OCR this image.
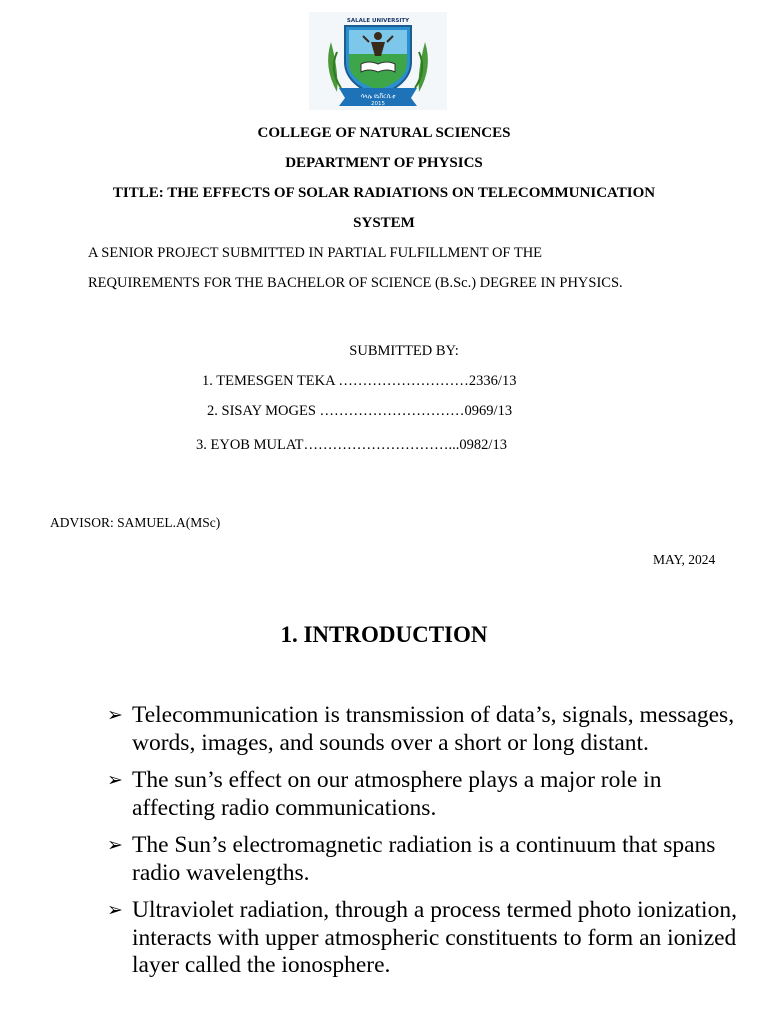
SALALE UNIVERSITY
ሳላሌ ዩኒቨርሲቲ
2015
COLLEGE OF NATURAL SCIENCES
DEPARTMENT OF PHYSICS
TITLE: THE EFFECTS OF SOLAR RADIATIONS ON TELECOMMUNICATION
SYSTEM
A SENIOR PROJECT SUBMITTED IN PARTIAL FULFILLMENT OF THE
REQUIREMENTS FOR THE BACHELOR OF SCIENCE (B.Sc.) DEGREE IN PHYSICS.
SUBMITTED BY:
1. TEMESGEN TEKA ………………………2336/13
2. SISAY MOGES …………………………0969/13
3. EYOB MULAT…………………………...0982/13
ADVISOR: SAMUEL.A(MSc)
MAY, 2024
1. INTRODUCTION
➢ Telecommunication is transmission of data’s, signals, messages, words, images, and sounds over a short or long distant.
➢ The sun’s effect on our atmosphere plays a major role in affecting radio communications.
➢ The Sun’s electromagnetic radiation is a continuum that spans radio wavelengths.
➢ Ultraviolet radiation, through a process termed photo ionization, interacts with upper atmospheric constituents to form an ionized layer called the ionosphere.
